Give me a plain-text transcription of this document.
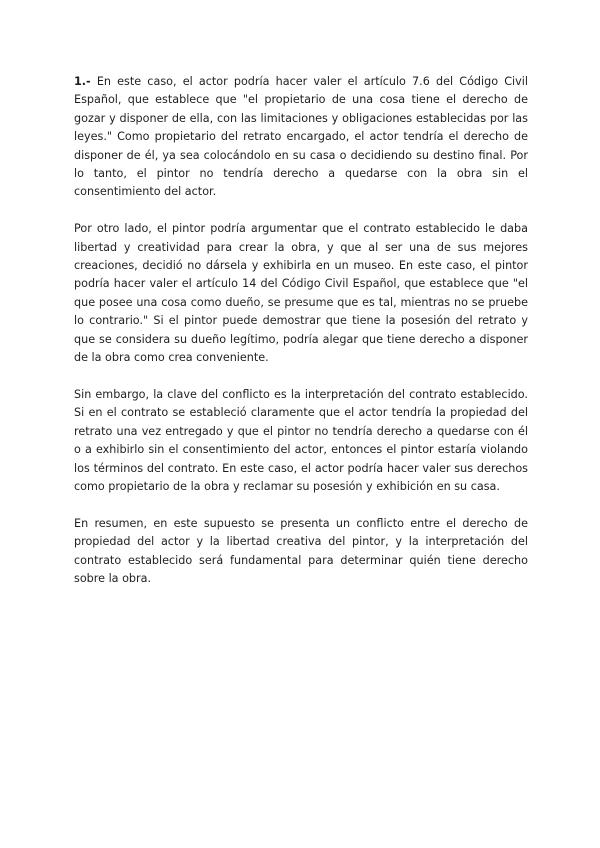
1.- En este caso, el actor podría hacer valer el artículo 7.6 del Código Civil Español, que establece que "el propietario de una cosa tiene el derecho de gozar y disponer de ella, con las limitaciones y obligaciones establecidas por las leyes." Como propietario del retrato encargado, el actor tendría el derecho de disponer de él, ya sea colocándolo en su casa o decidiendo su destino final. Por lo tanto, el pintor no tendría derecho a quedarse con la obra sin el consentimiento del actor.

Por otro lado, el pintor podría argumentar que el contrato establecido le daba libertad y creatividad para crear la obra, y que al ser una de sus mejores creaciones, decidió no dársela y exhibirla en un museo. En este caso, el pintor podría hacer valer el artículo 14 del Código Civil Español, que establece que "el que posee una cosa como dueño, se presume que es tal, mientras no se pruebe lo contrario." Si el pintor puede demostrar que tiene la posesión del retrato y que se considera su dueño legítimo, podría alegar que tiene derecho a disponer de la obra como crea conveniente.

Sin embargo, la clave del conflicto es la interpretación del contrato establecido. Si en el contrato se estableció claramente que el actor tendría la propiedad del retrato una vez entregado y que el pintor no tendría derecho a quedarse con él o a exhibirlo sin el consentimiento del actor, entonces el pintor estaría violando los términos del contrato. En este caso, el actor podría hacer valer sus derechos como propietario de la obra y reclamar su posesión y exhibición en su casa.

En resumen, en este supuesto se presenta un conflicto entre el derecho de propiedad del actor y la libertad creativa del pintor, y la interpretación del contrato establecido será fundamental para determinar quién tiene derecho sobre la obra.
